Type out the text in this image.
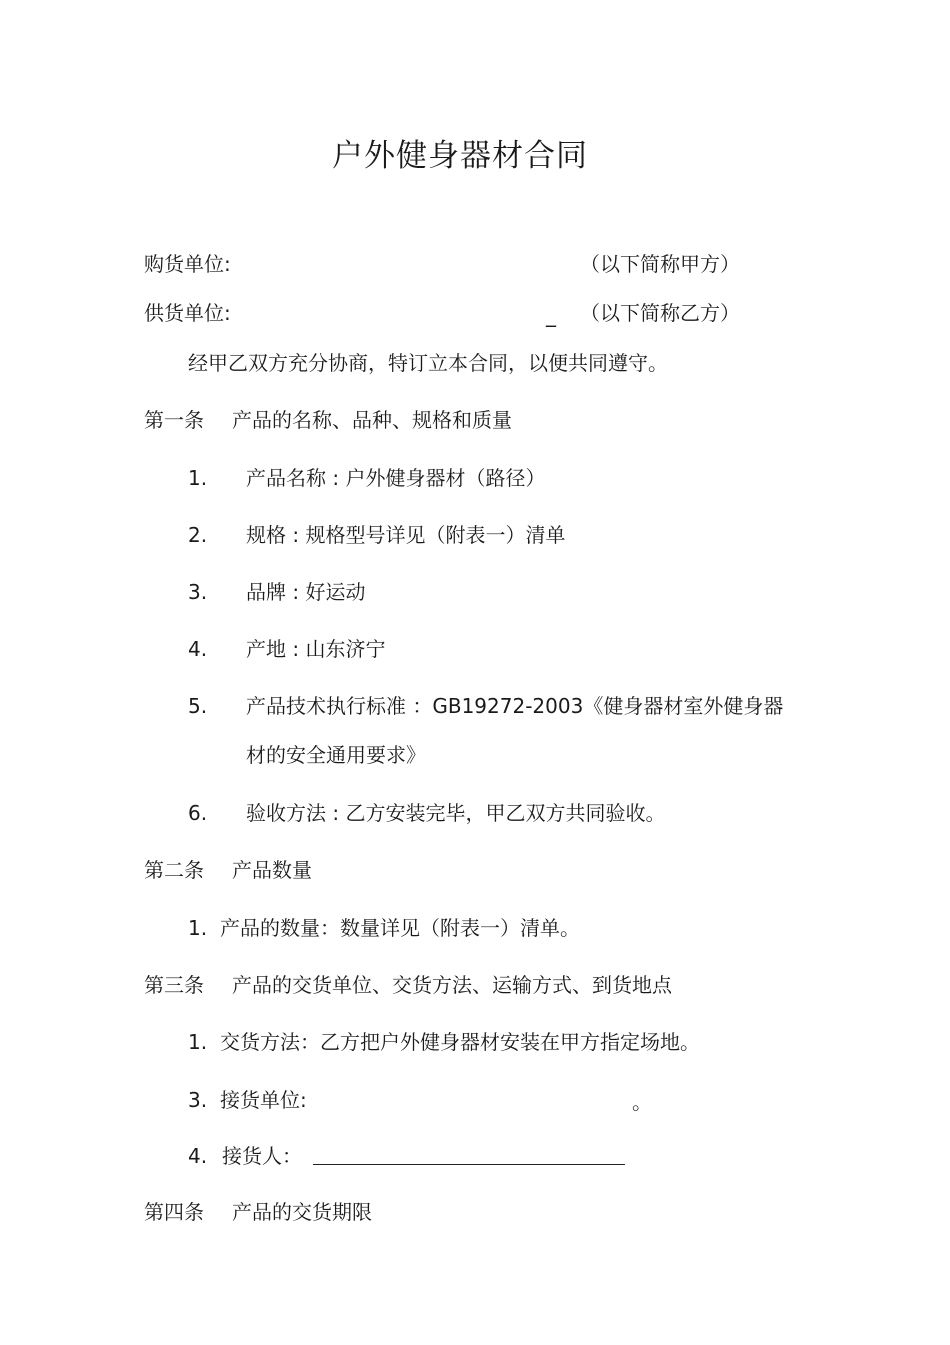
户外健身器材合同
购货单位:	（以下简称甲方）
供货单位:	_ （以下简称乙方）
经甲乙双方充分协商，特订立本合同，以便共同遵守。
第一条 产品的名称、品种、规格和质量
1. 产品名称 : 户外健身器材（路径）
2. 规格 : 规格型号详见（附表一）清单
3. 品牌 : 好运动
4. 产地 : 山东济宁
5. 产品技术执行标准 ：GB19272-2003《健身器材室外健身器
材的安全通用要求》
6. 验收方法 : 乙方安装完毕，甲乙双方共同验收。
第二条 产品数量
1. 产品的数量：数量详见（附表一）清单。
第三条 产品的交货单位、交货方法、运输方式、到货地点
1. 交货方法：乙方把户外健身器材安装在甲方指定场地。
3. 接货单位:	。
4. 接货人：
第四条 产品的交货期限
